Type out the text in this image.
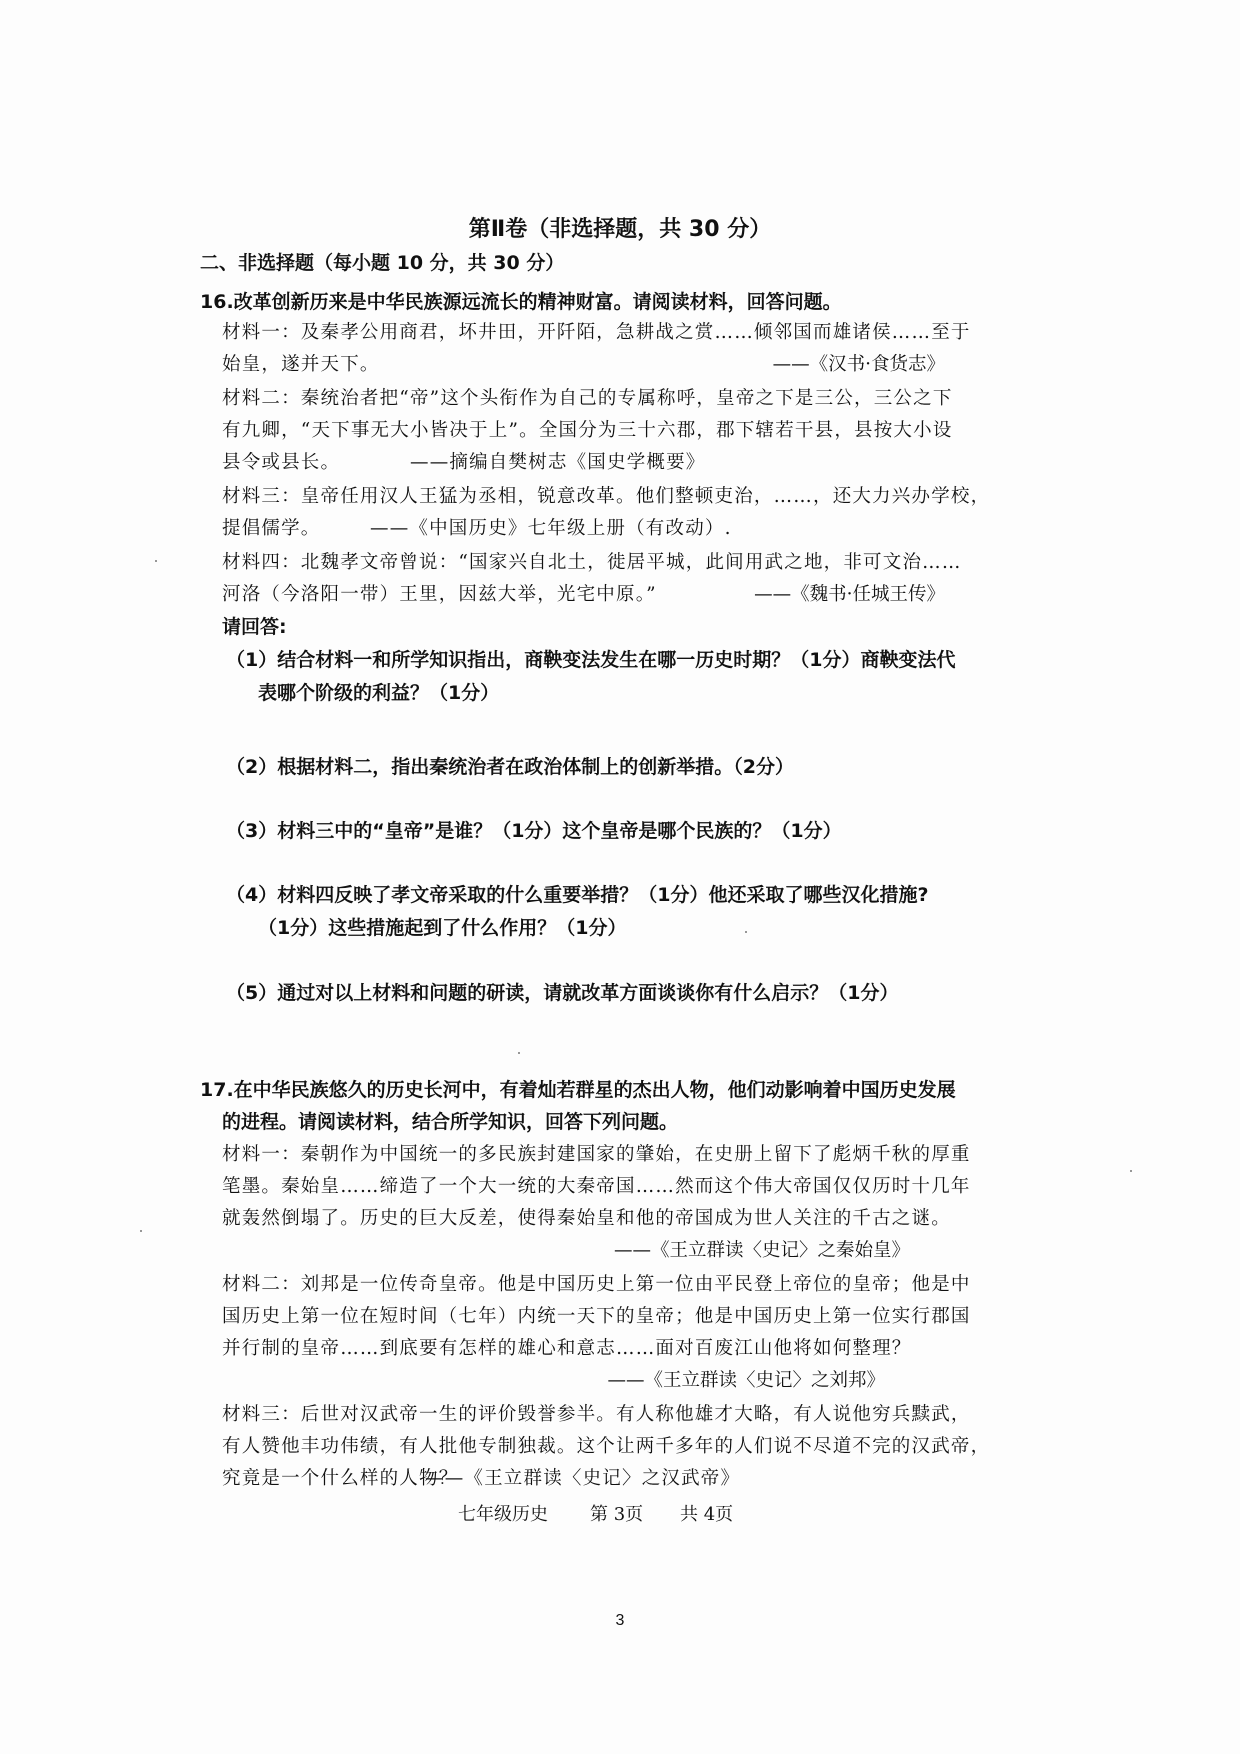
第Ⅱ卷（非选择题，共 30 分）
二、非选择题（每小题 10 分，共 30 分）
16.改革创新历来是中华民族源远流长的精神财富。请阅读材料，回答问题。
材料一：及秦孝公用商君，坏井田，开阡陌，急耕战之赏……倾邻国而雄诸侯……至于
始皇，遂并天下。	——《汉书·食货志》
材料二：秦统治者把“帝”这个头衔作为自己的专属称呼，皇帝之下是三公，三公之下
有九卿，“天下事无大小皆决于上”。全国分为三十六郡，郡下辖若干县，县按大小设
县令或县长。	——摘编自樊树志《国史学概要》
材料三：皇帝任用汉人王猛为丞相，锐意改革。他们整顿吏治，……，还大力兴办学校，
提倡儒学。	——《中国历史》七年级上册（有改动）.
材料四：北魏孝文帝曾说：“国家兴自北土，徙居平城，此间用武之地，非可文治……
河洛（今洛阳一带）王里，因兹大举，光宅中原。”	——《魏书·任城王传》
请回答:
（1）结合材料一和所学知识指出，商鞅变法发生在哪一历史时期？（1分）商鞅变法代
表哪个阶级的利益？（1分）
（2）根据材料二，指出秦统治者在政治体制上的创新举措。（2分）
（3）材料三中的“皇帝”是谁？（1分）这个皇帝是哪个民族的？（1分）
（4）材料四反映了孝文帝采取的什么重要举措？（1分）他还采取了哪些汉化措施?
（1分）这些措施起到了什么作用？（1分）
（5）通过对以上材料和问题的研读，请就改革方面谈谈你有什么启示？（1分）
17.在中华民族悠久的历史长河中，有着灿若群星的杰出人物，他们动影响着中国历史发展
的进程。请阅读材料，结合所学知识，回答下列问题。
材料一：秦朝作为中国统一的多民族封建国家的肇始，在史册上留下了彪炳千秋的厚重
笔墨。秦始皇……缔造了一个大一统的大秦帝国……然而这个伟大帝国仅仅历时十几年
就轰然倒塌了。历史的巨大反差，使得秦始皇和他的帝国成为世人关注的千古之谜。
——《王立群读〈史记〉之秦始皇》
材料二：刘邦是一位传奇皇帝。他是中国历史上第一位由平民登上帝位的皇帝；他是中
国历史上第一位在短时间（七年）内统一天下的皇帝；他是中国历史上第一位实行郡国
并行制的皇帝……到底要有怎样的雄心和意志……面对百废江山他将如何整理？
——《王立群读〈史记〉之刘邦》
材料三：后世对汉武帝一生的评价毁誉参半。有人称他雄才大略，有人说他穷兵黩武，
有人赞他丰功伟绩，有人批他专制独裁。这个让两千多年的人们说不尽道不完的汉武帝，
究竟是一个什么样的人物？
——《王立群读〈史记〉之汉武帝》
七年级历史 第 3页 共 4页
3
